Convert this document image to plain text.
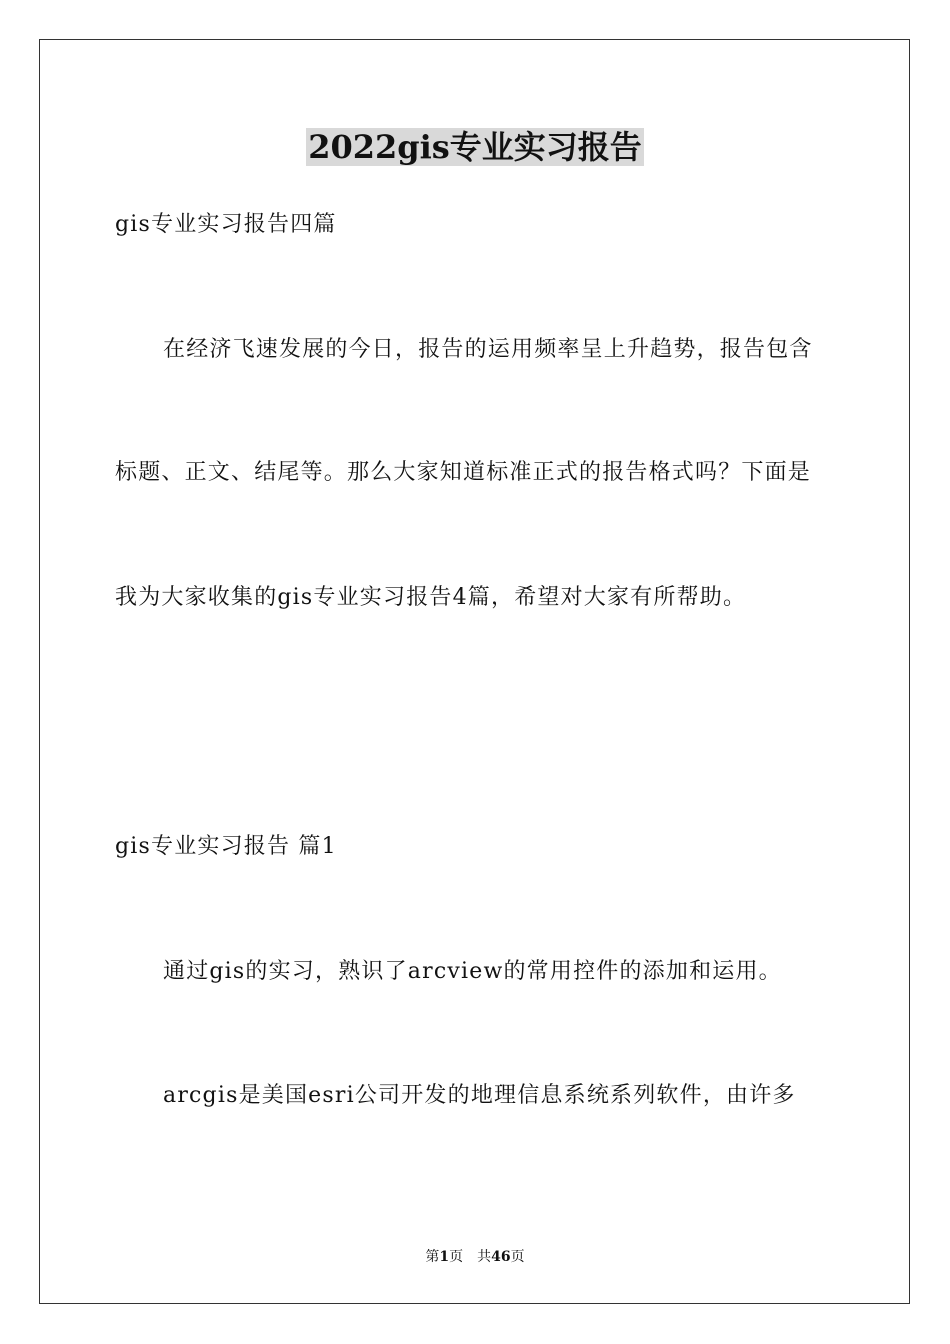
2022gis专业实习报告
gis专业实习报告四篇
在经济飞速发展的今日，报告的运用频率呈上升趋势，报告包含
标题、正文、结尾等。那么大家知道标准正式的报告格式吗？下面是
我为大家收集的gis专业实习报告4篇，希望对大家有所帮助。
gis专业实习报告 篇1
通过gis的实习，熟识了arcview的常用控件的添加和运用。
arcgis是美国esri公司开发的地理信息系统系列软件，由许多
第1页 共46页
